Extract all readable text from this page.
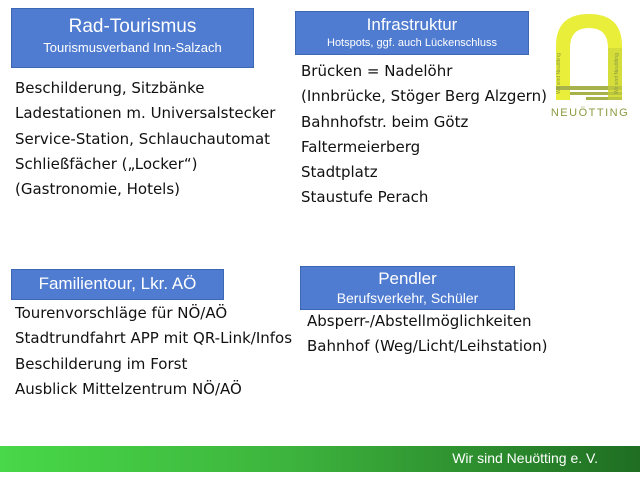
Rad-Tourismus
Tourismusverband Inn-Salzach
Beschilderung, Sitzbänke
Ladestationen m. Universalstecker
Service-Station, Schlauchautomat
Schließfächer („Locker“)
(Gastronomie, Hotels)
Infrastruktur
Hotspots, ggf. auch Lückenschluss
Brücken = Nadelöhr
(Innbrücke, Stöger Berg Alzgern)
Bahnhofstr. beim Götz
Faltermeierberg
Stadtplatz
Staustufe Perach
Familientour, Lkr. AÖ
Tourenvorschläge für NÖ/AÖ
Stadtrundfahrt APP mit QR-Link/Infos
Beschilderung im Forst
Ausblick Mittelzentrum NÖ/AÖ
Pendler
Berufsverkehr, Schüler
Absperr-/Abstellmöglichkeiten
Bahnhof (Weg/Licht/Leihstation)
Wir sind Neuötting	Wir sind Neuötting
NEUÖTTING
Wir sind Neuötting e. V.
